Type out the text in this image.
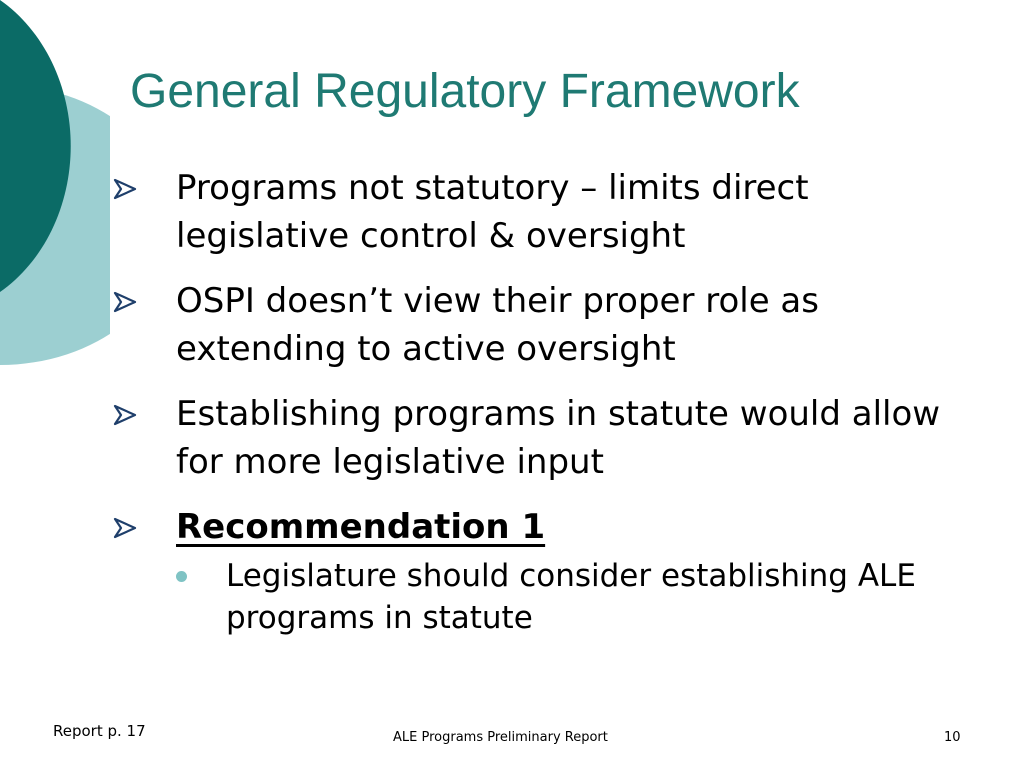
General Regulatory Framework
Programs not statutory – limits direct legislative control & oversight
OSPI doesn’t view their proper role as extending to active oversight
Establishing programs in statute would allow for more legislative input
Recommendation 1
Legislature should consider establishing ALE programs in statute
Report p. 17	ALE Programs Preliminary Report	10
